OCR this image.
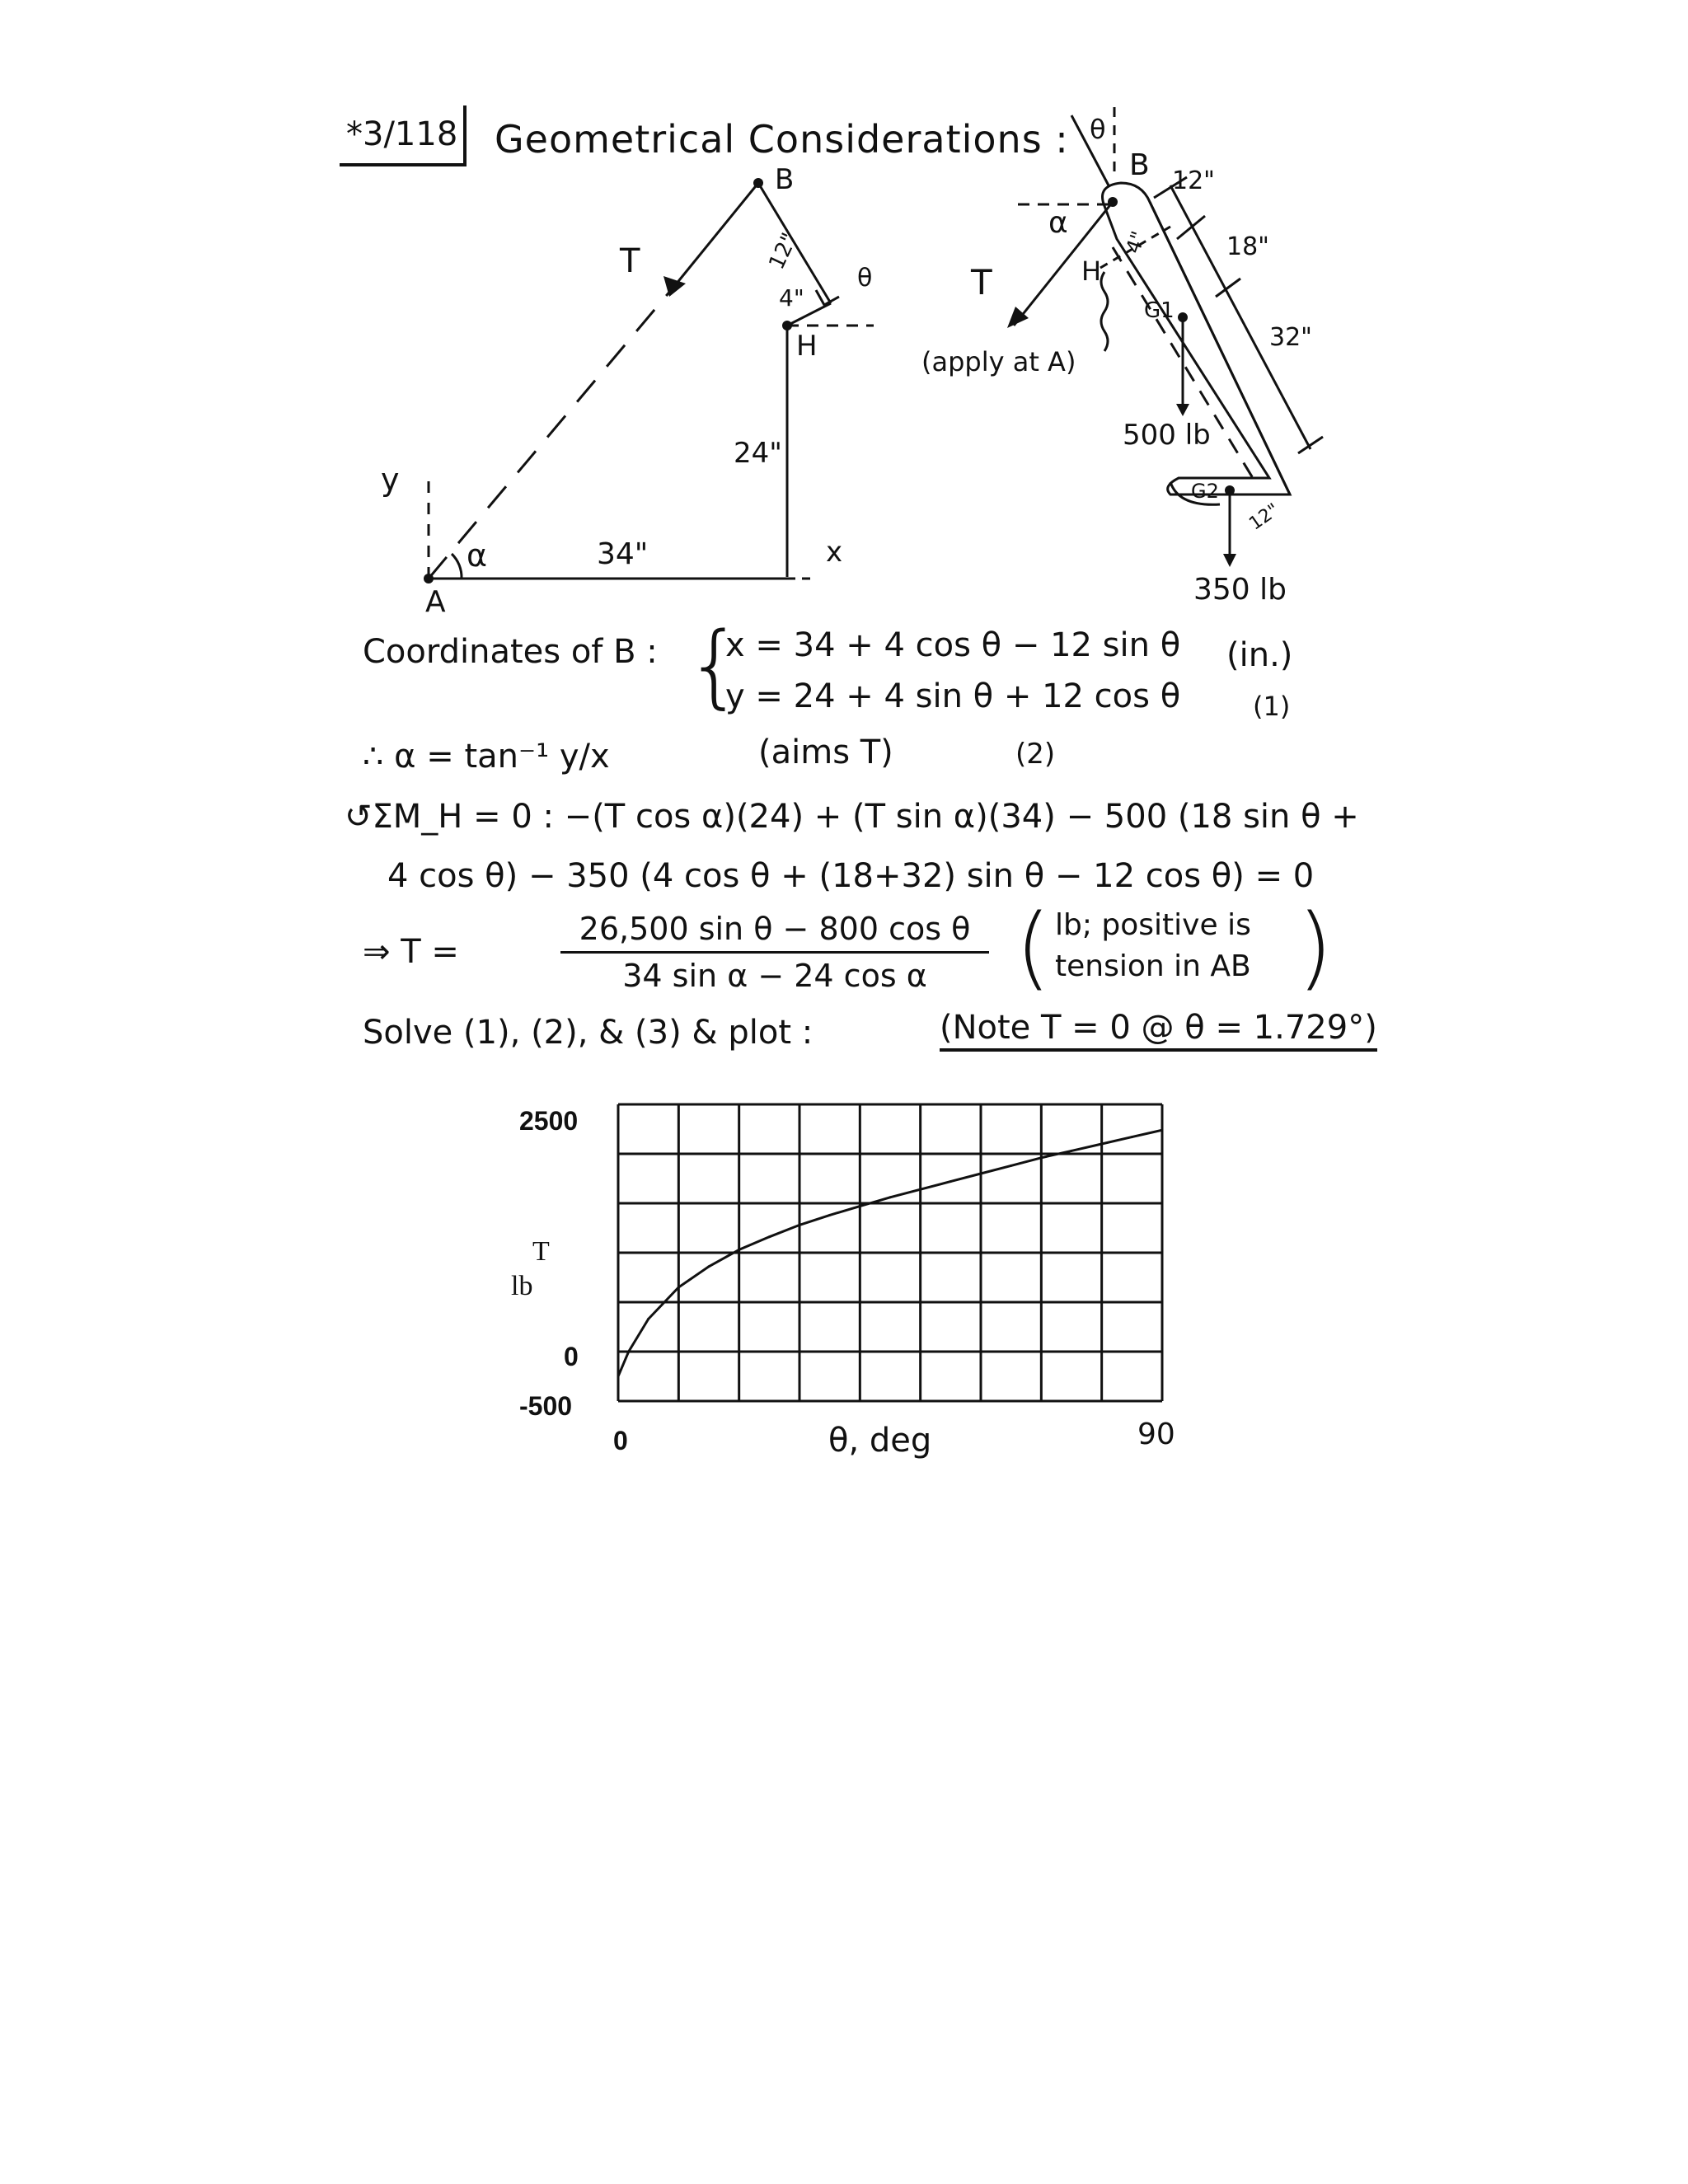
*3/118 Geometrical Considerations :
B
T	12"
4"
θ
H
24"
y
α	34"	x
A
θ
B 12"
α
18"
T
4"
H
G1
32"
(apply at A)
500 lb
G2
12"
350 lb
Coordinates of B : {
x = 34 + 4 cos θ − 12 sin θ
y = 24 + 4 sin θ + 12 cos θ
(in.)
(1)
∴ α = tan⁻¹ y/x	(aims T)	(2)
↺ΣM_H = 0 : −(T cos α)(24) + (T sin α)(34) − 500 (18 sin θ +
4 cos θ) − 350 (4 cos θ + (18+32) sin θ − 12 cos θ) = 0
⇒ T =	$\frac{\text{26,500 sin θ − 800 cos θ}}{\text{34 sin α − 24 cos α}}$ ( lb; positive is
tension in AB )
Solve (1), (2), & (3) & plot :	(Note T = 0 @ θ = 1.729°)
2500
0
-500
T
lb
0	90
θ, deg
